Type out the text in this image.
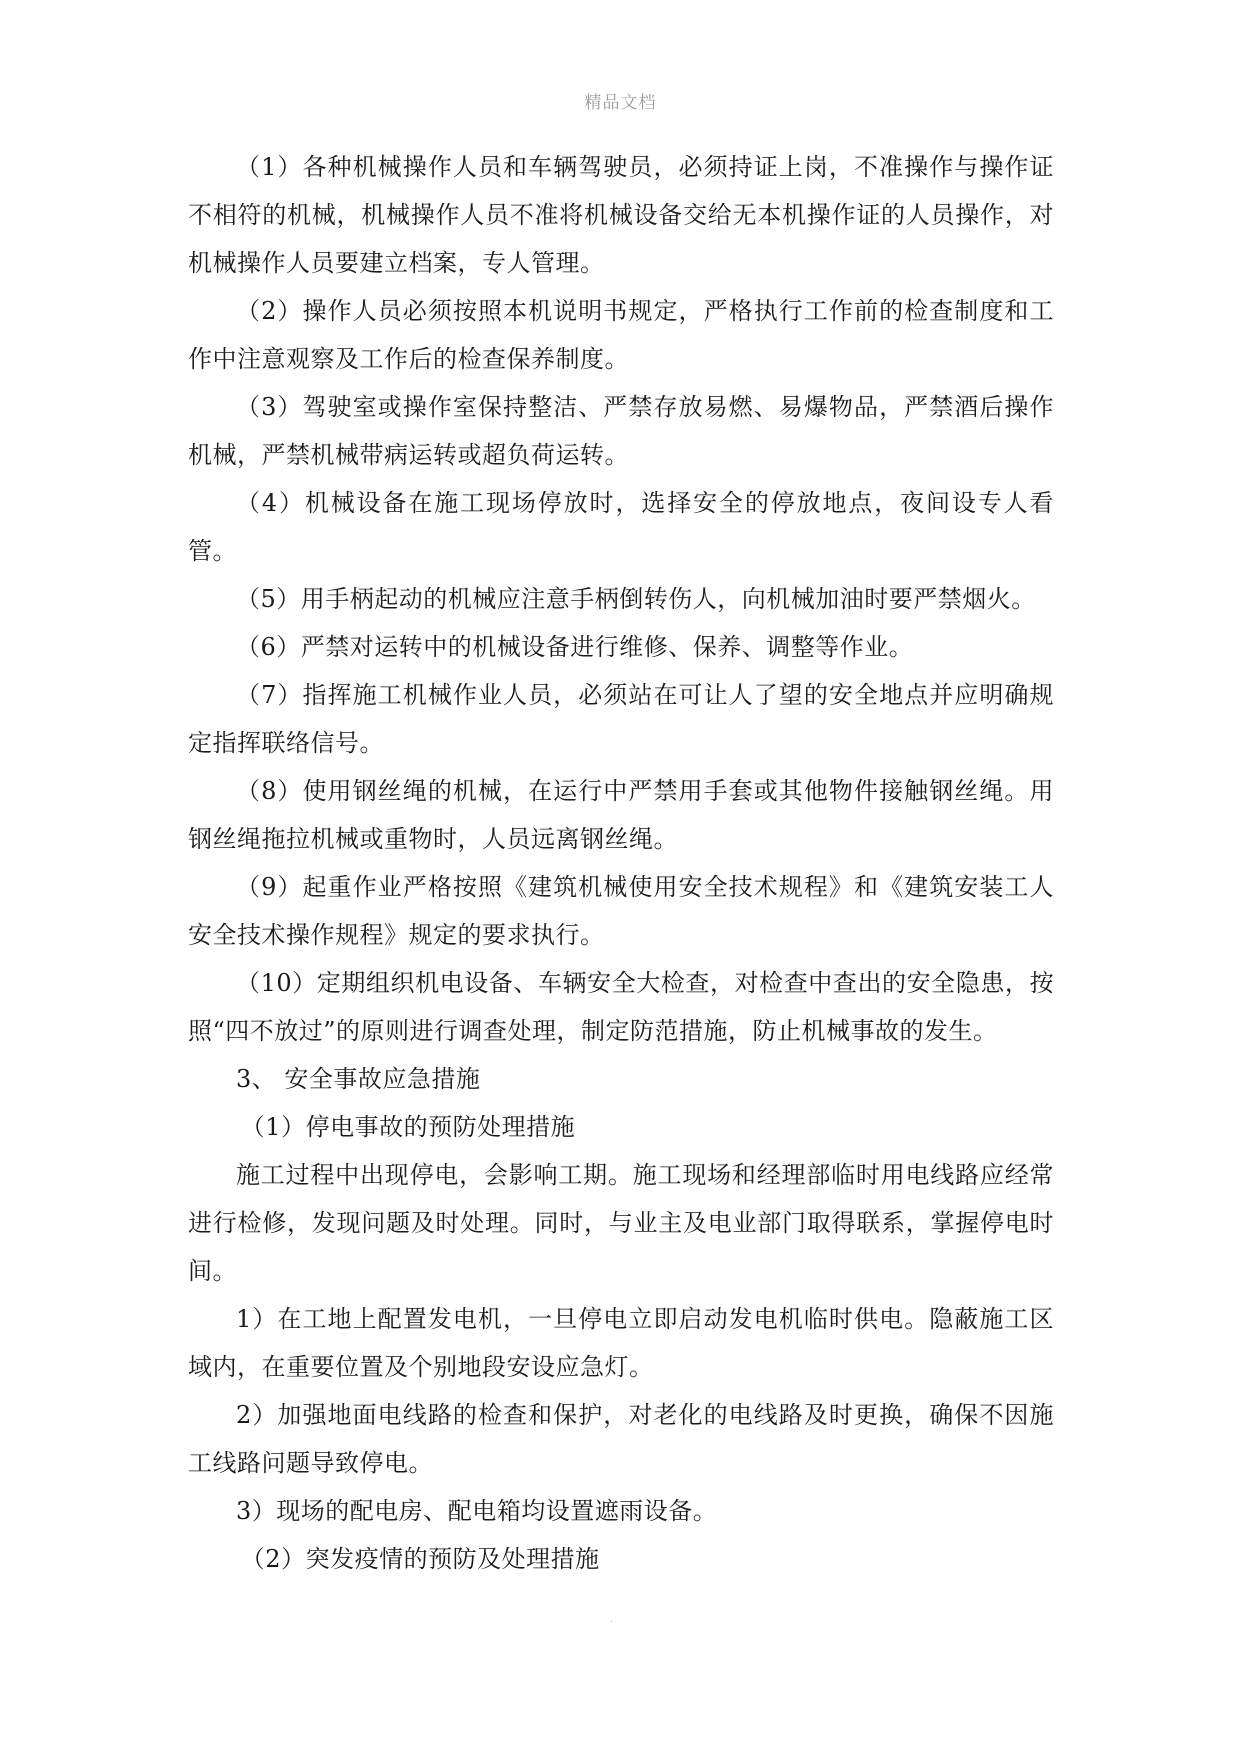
精品文档

（1）各种机械操作人员和车辆驾驶员，必须持证上岗，不准操作与操作证不相符的机械，机械操作人员不准将机械设备交给无本机操作证的人员操作，对机械操作人员要建立档案，专人管理。

（2）操作人员必须按照本机说明书规定，严格执行工作前的检查制度和工作中注意观察及工作后的检查保养制度。

（3）驾驶室或操作室保持整洁、严禁存放易燃、易爆物品，严禁酒后操作机械，严禁机械带病运转或超负荷运转。

（4）机械设备在施工现场停放时，选择安全的停放地点，夜间设专人看管。

（5）用手柄起动的机械应注意手柄倒转伤人，向机械加油时要严禁烟火。

（6）严禁对运转中的机械设备进行维修、保养、调整等作业。

（7）指挥施工机械作业人员，必须站在可让人了望的安全地点并应明确规定指挥联络信号。

（8）使用钢丝绳的机械，在运行中严禁用手套或其他物件接触钢丝绳。用钢丝绳拖拉机械或重物时，人员远离钢丝绳。

（9）起重作业严格按照《建筑机械使用安全技术规程》和《建筑安装工人安全技术操作规程》规定的要求执行。

（10）定期组织机电设备、车辆安全大检查，对检查中查出的安全隐患，按照“四不放过”的原则进行调查处理，制定防范措施，防止机械事故的发生。

3、 安全事故应急措施

（1）停电事故的预防处理措施

施工过程中出现停电，会影响工期。施工现场和经理部临时用电线路应经常进行检修，发现问题及时处理。同时，与业主及电业部门取得联系，掌握停电时间。

1）在工地上配置发电机，一旦停电立即启动发电机临时供电。隐蔽施工区域内，在重要位置及个别地段安设应急灯。

2）加强地面电线路的检查和保护，对老化的电线路及时更换，确保不因施工线路问题导致停电。

3）现场的配电房、配电箱均设置遮雨设备。

（2）突发疫情的预防及处理措施

.
